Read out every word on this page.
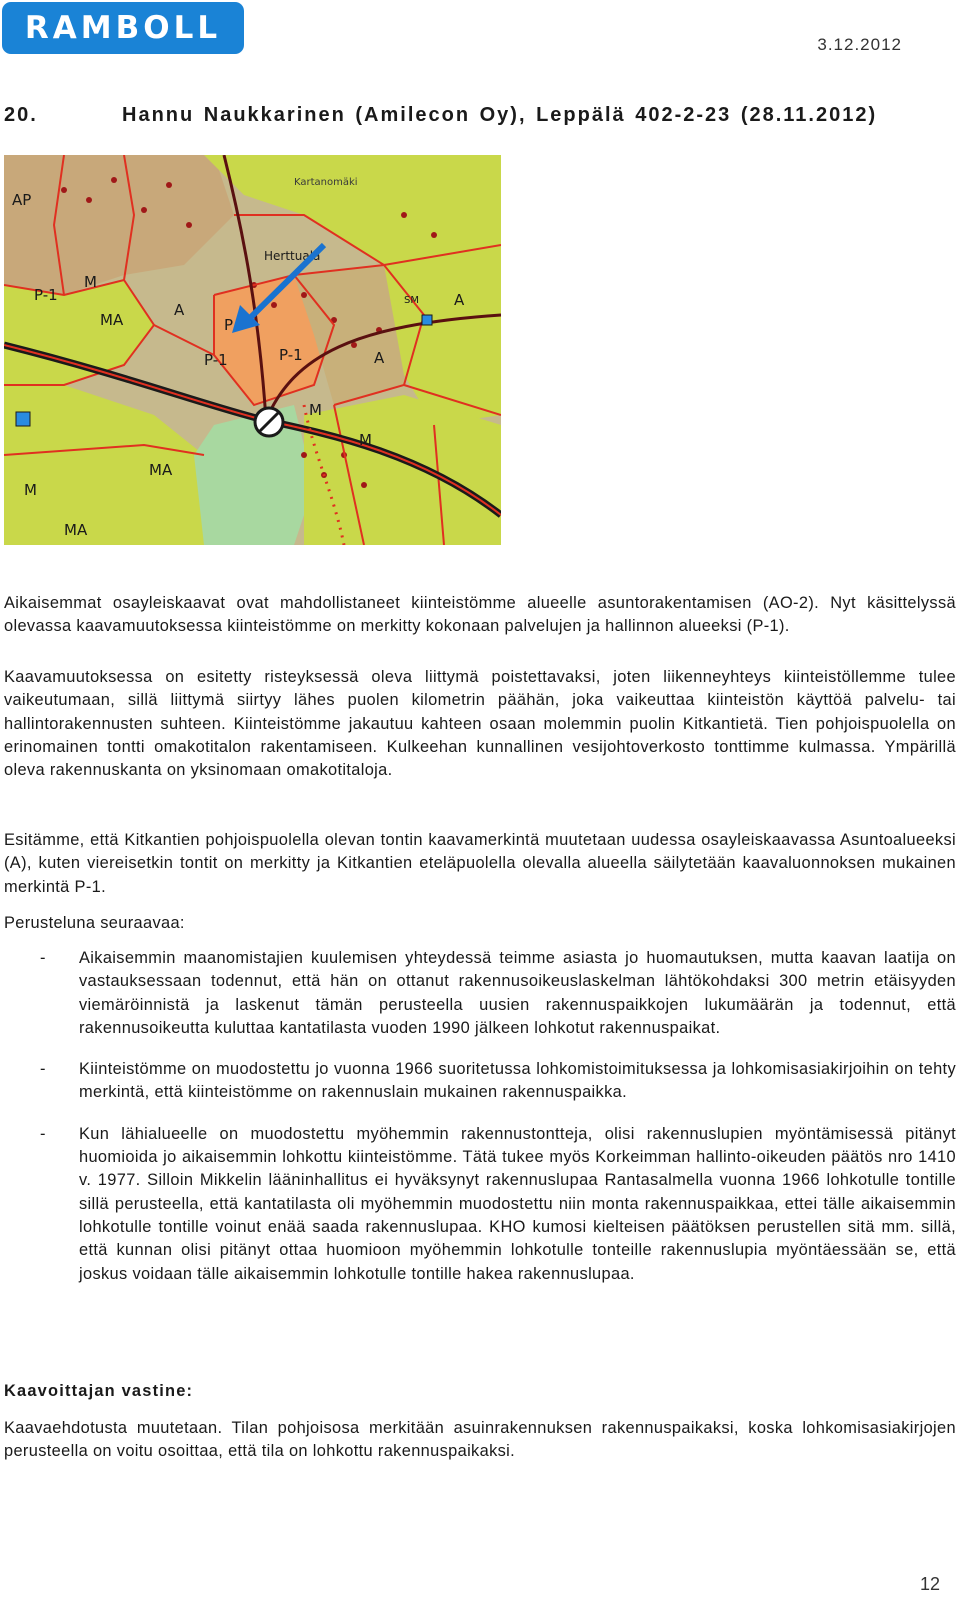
RAMBOLL	3.12.2012
20.	Hannu Naukkarinen (Amilecon Oy), Leppälä 402-2-23 (28.11.2012)
AP
P-1
M
MA
A
P
P-1	P-1
SM
A
M
A
M
MA
M
MA
Herttuala
Kartanomäki

Aikaisemmat osayleiskaavat ovat mahdollistaneet kiinteistömme alueelle asuntorakentamisen (AO-2). Nyt käsittelyssä olevassa kaavamuutoksessa kiinteistömme on merkitty kokonaan palvelujen ja hallinnon alueeksi (P-1).

Kaavamuutoksessa on esitetty risteyksessä oleva liittymä poistettavaksi, joten liikenneyhteys kiinteistöllemme tulee vaikeutumaan, sillä liittymä siirtyy lähes puolen kilometrin päähän, joka vaikeuttaa kiinteistön käyttöä palvelu- tai hallintorakennusten suhteen. Kiinteistömme jakautuu kahteen osaan molemmin puolin Kitkantietä. Tien pohjoispuolella on erinomainen tontti omakotitalon rakentamiseen. Kulkeehan kunnallinen vesijohtoverkosto tonttimme kulmassa. Ympärillä oleva rakennuskanta on yksinomaan omakotitaloja.

Esitämme, että Kitkantien pohjoispuolella olevan tontin kaavamerkintä muutetaan uudessa osayleiskaavassa Asuntoalueeksi (A), kuten viereisetkin tontit on merkitty ja Kitkantien eteläpuolella olevalla alueella säilytetään kaavaluonnoksen mukainen merkintä P-1.

Perusteluna seuraavaa:

- Aikaisemmin maanomistajien kuulemisen yhteydessä teimme asiasta jo huomautuksen, mutta kaavan laatija on vastauksessaan todennut, että hän on ottanut rakennusoikeuslaskelman lähtökohdaksi 300 metrin etäisyyden viemäröinnistä ja laskenut tämän perusteella uusien rakennuspaikkojen lukumäärän ja todennut, että rakennusoikeutta kuluttaa kantatilasta vuoden 1990 jälkeen lohkotut rakennuspaikat.
- Kiinteistömme on muodostettu jo vuonna 1966 suoritetussa lohkomistoimituksessa ja lohkomisasiakirjoihin on tehty merkintä, että kiinteistömme on rakennuslain mukainen rakennuspaikka.
- Kun lähialueelle on muodostettu myöhemmin rakennustontteja, olisi rakennuslupien myöntämisessä pitänyt huomioida jo aikaisemmin lohkottu kiinteistömme. Tätä tukee myös Korkeimman hallinto-oikeuden päätös nro 1410 v. 1977. Silloin Mikkelin lääninhallitus ei hyväksynyt rakennuslupaa Rantasalmella vuonna 1966 lohkotulle tontille sillä perusteella, että kantatilasta oli myöhemmin muodostettu niin monta rakennuspaikkaa, ettei tälle aikaisemmin lohkotulle tontille voinut enää saada rakennuslupaa. KHO kumosi kielteisen päätöksen perustellen sitä mm. sillä, että kunnan olisi pitänyt ottaa huomioon myöhemmin lohkotulle tonteille rakennuslupia myöntäessään se, että joskus voidaan tälle aikaisemmin lohkotulle tontille hakea rakennuslupaa.
Kaavoittajan vastine:

Kaavaehdotusta muutetaan. Tilan pohjoisosa merkitään asuinrakennuksen rakennuspaikaksi, koska lohkomisasiakirjojen perusteella on voitu osoittaa, että tila on lohkottu rakennuspaikaksi.

12
